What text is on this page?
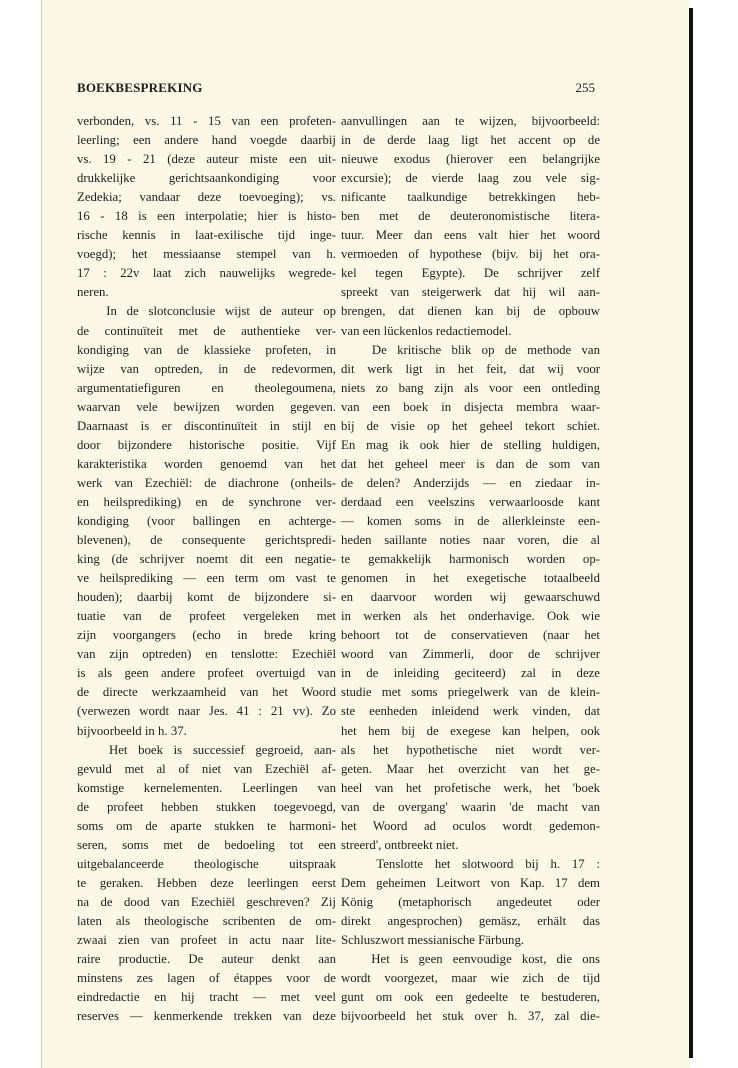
BOEKBESPREKING	255
verbonden, vs. 11 - 15 van een profeten-
leerling; een andere hand voegde daarbij
vs. 19 - 21 (deze auteur miste een uit-
drukkelijke gerichtsaankondiging voor
Zedekia; vandaar deze toevoeging); vs.
16 - 18 is een interpolatie; hier is histo-
rische kennis in laat-exilische tijd inge-
voegd); het messiaanse stempel van h.
17 : 22v laat zich nauwelijks wegrede-
neren.
In de slotconclusie wijst de auteur op
de continuïteit met de authentieke ver-
kondiging van de klassieke profeten, in
wijze van optreden, in de redevormen,
argumentatiefiguren en theolegoumena,
waarvan vele bewijzen worden gegeven.
Daarnaast is er discontinuïteit in stijl en
door bijzondere historische positie. Vijf
karakteristika worden genoemd van het
werk van Ezechiël: de diachrone (onheils-
en heilsprediking) en de synchrone ver-
kondiging (voor ballingen en achterge-
blevenen), de consequente gerichtspredi-
king (de schrijver noemt dit een negatie-
ve heilsprediking — een term om vast te
houden); daarbij komt de bijzondere si-
tuatie van de profeet vergeleken met
zijn voorgangers (echo in brede kring
van zijn optreden) en tenslotte: Ezechiël
is als geen andere profeet overtuigd van
de directe werkzaamheid van het Woord
(verwezen wordt naar Jes. 41 : 21 vv). Zo
bijvoorbeeld in h. 37.
Het boek is successief gegroeid, aan-
gevuld met al of niet van Ezechiël af-
komstige kernelementen. Leerlingen van
de profeet hebben stukken toegevoegd,
soms om de aparte stukken te harmoni-
seren, soms met de bedoeling tot een
uitgebalanceerde theologische uitspraak
te geraken. Hebben deze leerlingen eerst
na de dood van Ezechiël geschreven? Zij
laten als theologische scribenten de om-
zwaai zien van profeet in actu naar lite-
raire productie. De auteur denkt aan
minstens zes lagen of étappes voor de
eindredactie en hij tracht — met veel
reserves — kenmerkende trekken van deze
aanvullingen aan te wijzen, bijvoorbeeld:
in de derde laag ligt het accent op de
nieuwe exodus (hierover een belangrijke
excursie); de vierde laag zou vele sig-
nificante taalkundige betrekkingen heb-
ben met de deuteronomistische litera-
tuur. Meer dan eens valt hier het woord
vermoeden of hypothese (bijv. bij het ora-
kel tegen Egypte). De schrijver zelf
spreekt van steigerwerk dat hij wil aan-
brengen, dat dienen kan bij de opbouw
van een lückenlos redactiemodel.
De kritische blik op de methode van
dit werk ligt in het feit, dat wij voor
niets zo bang zijn als voor een ontleding
van een boek in disjecta membra waar-
bij de visie op het geheel tekort schiet.
En mag ik ook hier de stelling huldigen,
dat het geheel meer is dan de som van
de delen? Anderzijds — en ziedaar in-
derdaad een veelszins verwaarloosde kant
— komen soms in de allerkleinste een-
heden saillante noties naar voren, die al
te gemakkelijk harmonisch worden op-
genomen in het exegetische totaalbeeld
en daarvoor worden wij gewaarschuwd
in werken als het onderhavige. Ook wie
behoort tot de conservatieven (naar het
woord van Zimmerli, door de schrijver
in de inleiding geciteerd) zal in deze
studie met soms priegelwerk van de klein-
ste eenheden inleidend werk vinden, dat
het hem bij de exegese kan helpen, ook
als het hypothetische niet wordt ver-
geten. Maar het overzicht van het ge-
heel van het profetische werk, het 'boek
van de overgang' waarin 'de macht van
het Woord ad oculos wordt gedemon-
streerd', ontbreekt niet.
Tenslotte het slotwoord bij h. 17 :
Dem geheimen Leitwort von Kap. 17 dem
König (metaphorisch angedeutet oder
direkt angesprochen) gemäsz, erhält das
Schluszwort messianische Färbung.
Het is geen eenvoudige kost, die ons
wordt voorgezet, maar wie zich de tijd
gunt om ook een gedeelte te bestuderen,
bijvoorbeeld het stuk over h. 37, zal die-
